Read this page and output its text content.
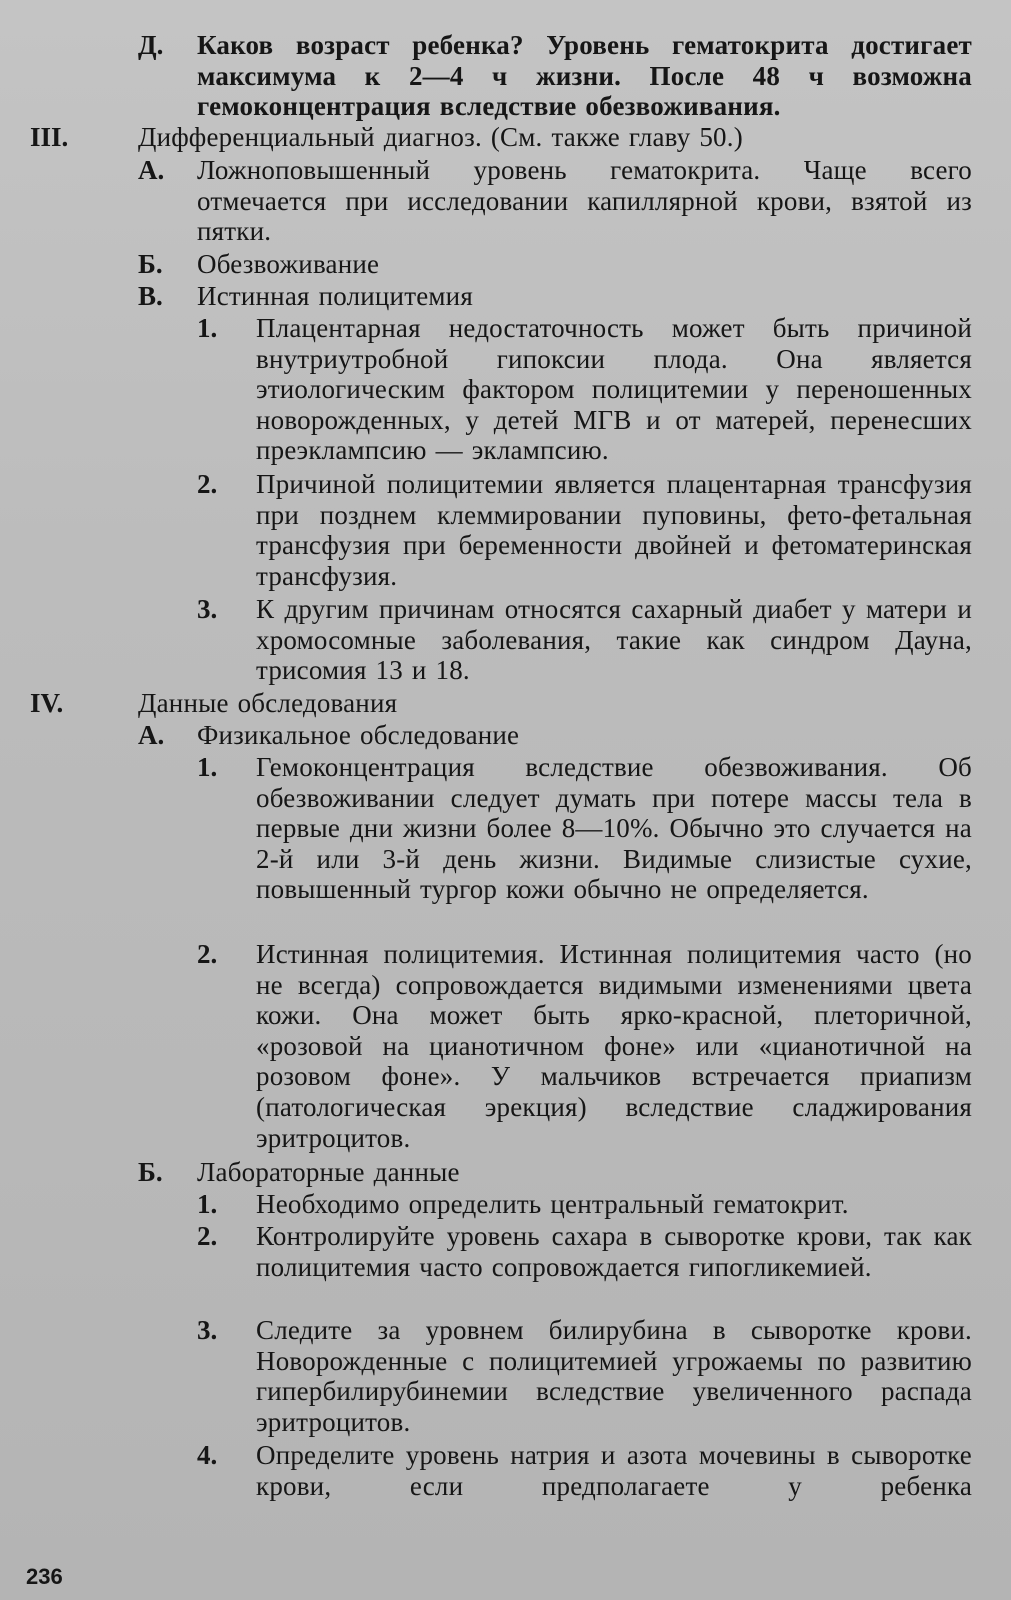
Д. Каков возраст ребенка? Уровень гематокрита достигает максимума к 2—4 ч жизни. После 48 ч возможна гемоконцентрация вследствие обезвоживания.
III.	Дифференциальный диагноз. (См. также главу 50.)
А. Ложноповышенный уровень гематокрита. Чаще всего отмечается при исследовании капиллярной крови, взятой из пятки.
Б. Обезвоживание
В. Истинная полицитемия
1. Плацентарная недостаточность может быть причиной внутриутробной гипоксии плода. Она является этиологическим фактором полицитемии у переношенных новорожденных, у детей МГВ и от матерей, перенесших преэклампсию — эклампсию.
2. Причиной полицитемии является плацентарная трансфузия при позднем клеммировании пуповины, фето-фетальная трансфузия при беременности двойней и фетоматеринская трансфузия.
3. К другим причинам относятся сахарный диабет у матери и хромосомные заболевания, такие как синдром Дауна, трисомия 13 и 18.
IV.	Данные обследования
А. Физикальное обследование
1. Гемоконцентрация вследствие обезвоживания. Об обезвоживании следует думать при потере массы тела в первые дни жизни более 8—10%. Обычно это случается на 2-й или 3-й день жизни. Видимые слизистые сухие, повышенный тургор кожи обычно не определяется.
2. Истинная полицитемия. Истинная полицитемия часто (но не всегда) сопровождается видимыми изменениями цвета кожи. Она может быть ярко-красной, плеторичной, «розовой на цианотичном фоне» или «цианотичной на розовом фоне». У мальчиков встречается приапизм (патологическая эрекция) вследствие сладжирования эритроцитов.
Б. Лабораторные данные
1. Необходимо определить центральный гематокрит.
2. Контролируйте уровень сахара в сыворотке крови, так как полицитемия часто сопровождается гипогликемией.
3. Следите за уровнем билирубина в сыворотке крови. Новорожденные с полицитемией угрожаемы по развитию гипербилирубинемии вследствие увеличенного распада эритроцитов.
4. Определите уровень натрия и азота мочевины в сыворотке крови, если предполагаете у ребенка
236
